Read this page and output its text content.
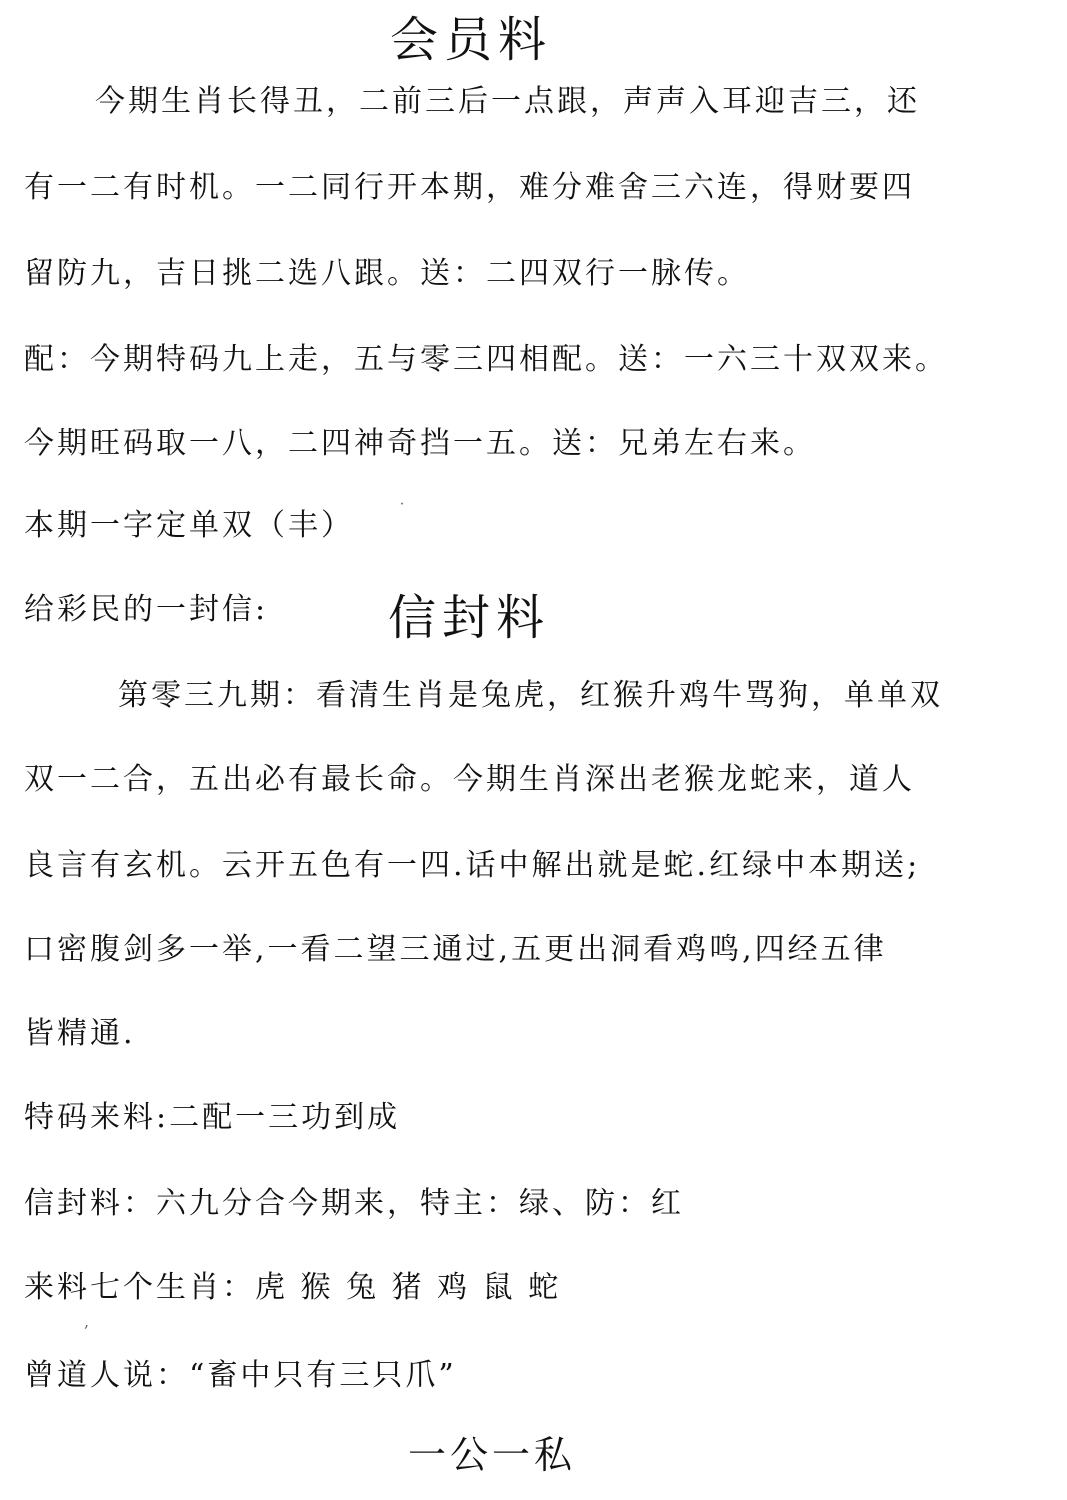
会员料

今期生肖长得丑，二前三后一点跟，声声入耳迎吉三，还

有一二有时机。一二同行开本期，难分难舍三六连，得财要四

留防九，吉日挑二选八跟。送：二四双行一脉传。

配：今期特码九上走，五与零三四相配。送：一六三十双双来。

今期旺码取一八，二四神奇挡一五。送：兄弟左右来。

本期一字定单双（丰）	˙

给彩民的一封信: 信封料

第零三九期：看清生肖是兔虎，红猴升鸡牛骂狗，单单双

双一二合，五出必有最长命。今期生肖深出老猴龙蛇来，道人

良言有玄机。云开五色有一四.话中解出就是蛇.红绿中本期送;

口密腹剑多一举,一看二望三通过,五更出洞看鸡鸣,四经五律

皆精通.

特码来料:二配一三功到成

信封料：六九分合今期来，特主：绿、防：红

来料七个生肖：虎 猴 兔 猪 鸡 鼠 蛇

,

曾道人说：“畜中只有三只爪”

一公一私
